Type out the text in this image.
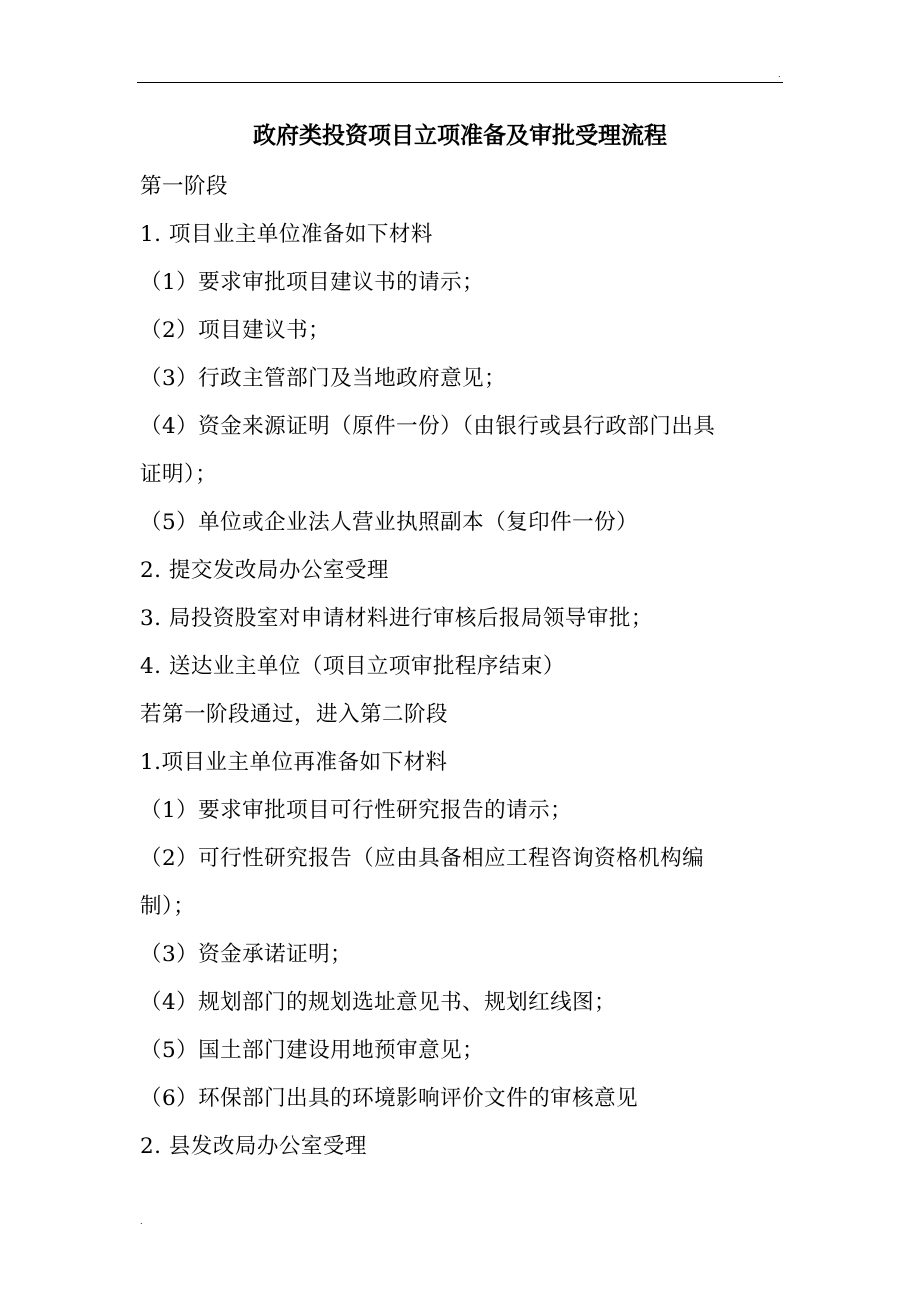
.
政府类投资项目立项准备及审批受理流程
第一阶段
1. 项目业主单位准备如下材料
（1）要求审批项目建议书的请示；
（2）项目建议书；
（3）行政主管部门及当地政府意见；
（4）资金来源证明（原件一份）（由银行或县行政部门出具
证明）；
（5）单位或企业法人营业执照副本（复印件一份）
2. 提交发改局办公室受理
3. 局投资股室对申请材料进行审核后报局领导审批；
4. 送达业主单位（项目立项审批程序结束）
若第一阶段通过，进入第二阶段
1.项目业主单位再准备如下材料
（1）要求审批项目可行性研究报告的请示；
（2）可行性研究报告（应由具备相应工程咨询资格机构编
制）；
（3）资金承诺证明；
（4）规划部门的规划选址意见书、规划红线图；
（5）国土部门建设用地预审意见；
（6）环保部门出具的环境影响评价文件的审核意见
2. 县发改局办公室受理
.
